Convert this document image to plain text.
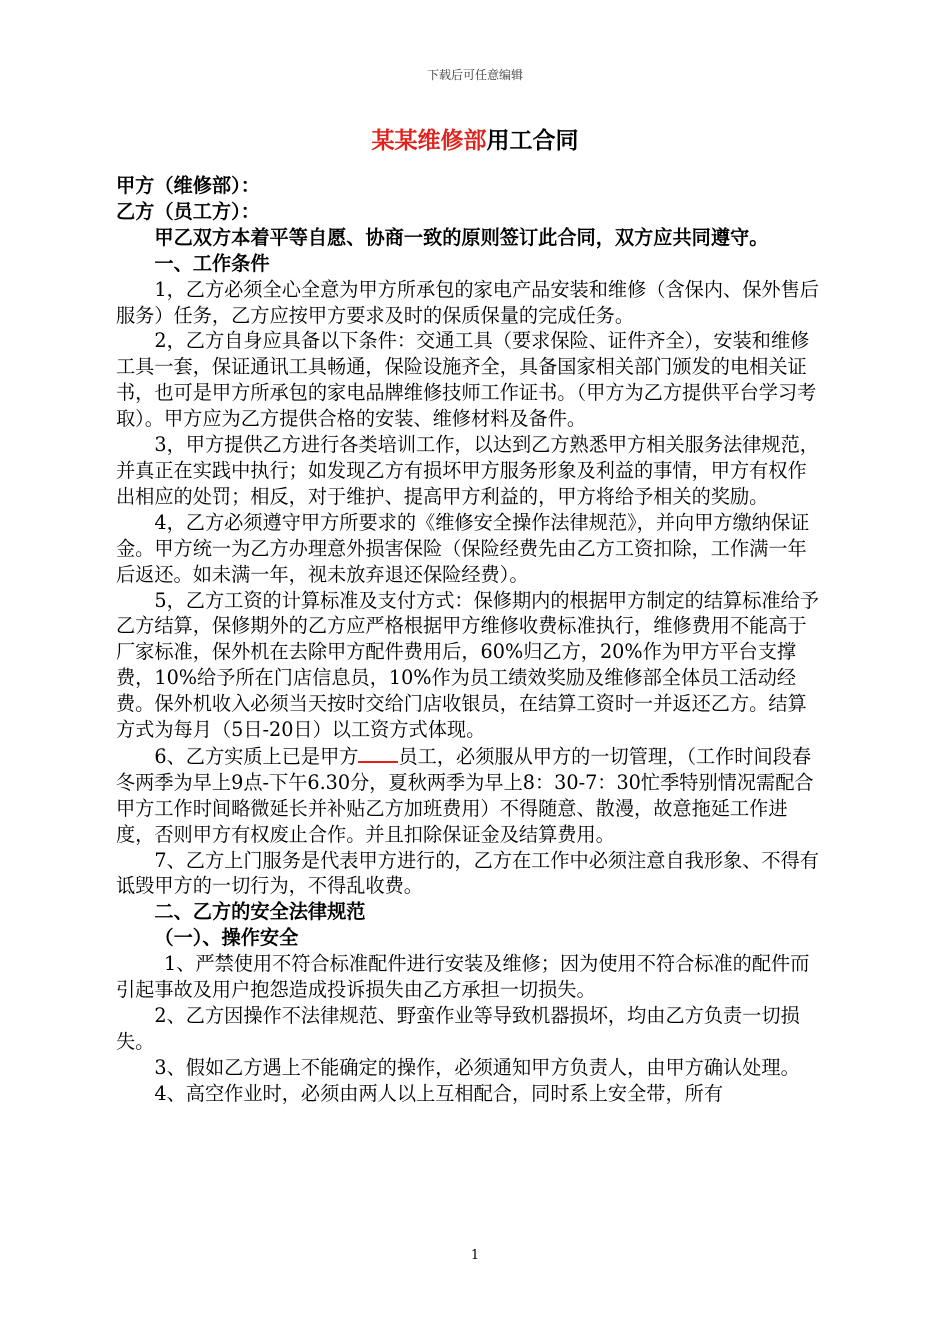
下载后可任意编辑
某某维修部用工合同

甲方（维修部）：

乙方（员工方）：

甲乙双方本着平等自愿、协商一致的原则签订此合同，双方应共同遵守。

一、工作条件

1，乙方必须全心全意为甲方所承包的家电产品安装和维修（含保内、保外售后服务）任务，乙方应按甲方要求及时的保质保量的完成任务。

2，乙方自身应具备以下条件：交通工具（要求保险、证件齐全），安装和维修工具一套，保证通讯工具畅通，保险设施齐全，具备国家相关部门颁发的电相关证书，也可是甲方所承包的家电品牌维修技师工作证书。（甲方为乙方提供平台学习考取）。甲方应为乙方提供合格的安装、维修材料及备件。

3，甲方提供乙方进行各类培训工作，以达到乙方熟悉甲方相关服务法律规范，并真正在实践中执行；如发现乙方有损坏甲方服务形象及利益的事情，甲方有权作出相应的处罚；相反，对于维护、提高甲方利益的，甲方将给予相关的奖励。

4，乙方必须遵守甲方所要求的《维修安全操作法律规范》，并向甲方缴纳保证金。甲方统一为乙方办理意外损害保险（保险经费先由乙方工资扣除，工作满一年后返还。如未满一年，视未放弃退还保险经费）。

5，乙方工资的计算标准及支付方式：保修期内的根据甲方制定的结算标准给予乙方结算，保修期外的乙方应严格根据甲方维修收费标准执行，维修费用不能高于厂家标准，保外机在去除甲方配件费用后，60%归乙方，20%作为甲方平台支撑费，10%给予所在门店信息员，10%作为员工绩效奖励及维修部全体员工活动经费。保外机收入必须当天按时交给门店收银员，在结算工资时一并返还乙方。结算方式为每月（5日-20日）以工资方式体现。

6、乙方实质上已是甲方 员工，必须服从甲方的一切管理，（工作时间段春冬两季为早上9点-下午6.30分，夏秋两季为早上8：30-7：30忙季特别情况需配合甲方工作时间略微延长并补贴乙方加班费用）不得随意、散漫，故意拖延工作进度，否则甲方有权废止合作。并且扣除保证金及结算费用。

7、乙方上门服务是代表甲方进行的，乙方在工作中必须注意自我形象、不得有诋毁甲方的一切行为，不得乱收费。

二、乙方的安全法律规范

（一）、操作安全

1、严禁使用不符合标准配件进行安装及维修；因为使用不符合标准的配件而引起事故及用户抱怨造成投诉损失由乙方承担一切损失。

2、乙方因操作不法律规范、野蛮作业等导致机器损坏，均由乙方负责一切损失。

3、假如乙方遇上不能确定的操作，必须通知甲方负责人，由甲方确认处理。

4、高空作业时，必须由两人以上互相配合，同时系上安全带，所有

1
